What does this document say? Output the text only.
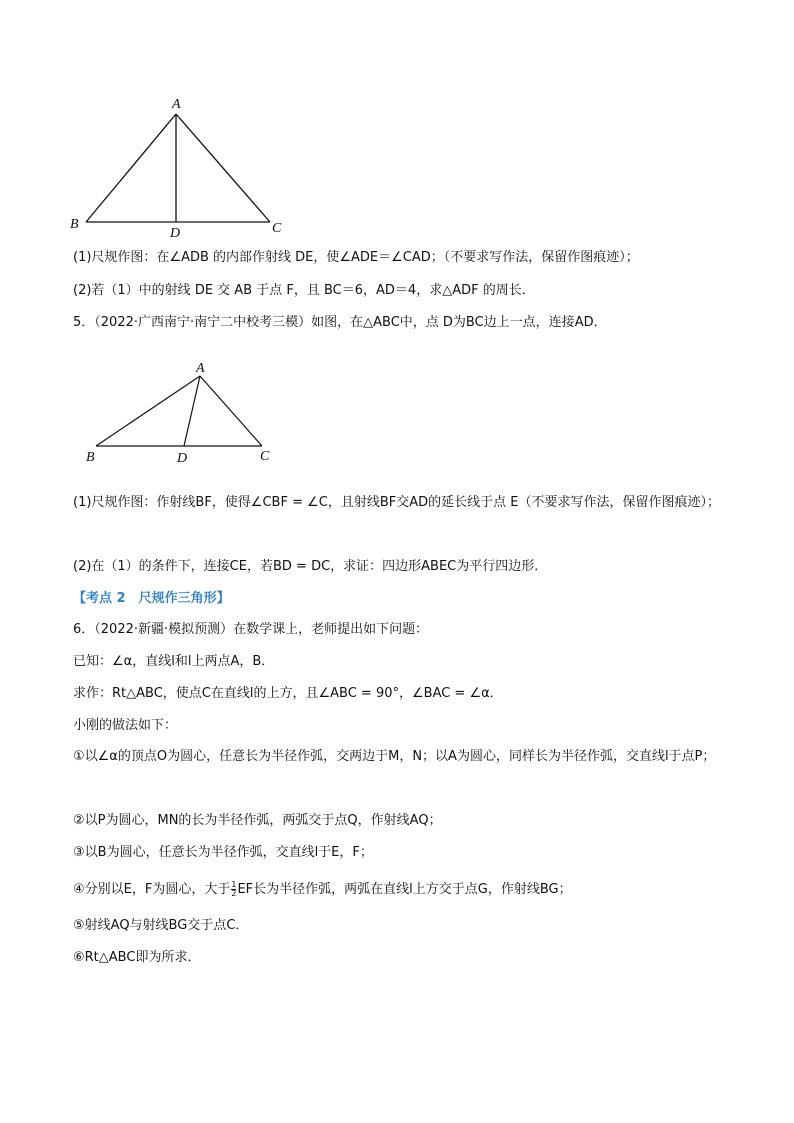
A
B	C
D
(1)尺规作图：在∠ADB 的内部作射线 DE，使∠ADE＝∠CAD；（不要求写作法，保留作图痕迹）；
(2)若（1）中的射线 DE 交 AB 于点 F，且 BC＝6，AD＝4，求△ADF 的周长．
5．（2022·广西南宁·南宁二中校考三模）如图，在△ABC中，点 D为BC边上一点，连接AD．
A
B	C
D
(1)尺规作图：作射线BF，使得∠CBF = ∠C，且射线BF交AD的延长线于点 E（不要求写作法，保留作图痕迹）；
(2)在（1）的条件下，连接CE，若BD = DC，求证：四边形ABEC为平行四边形．
【考点 2　尺规作三角形】
6．（2022·新疆·模拟预测）在数学课上，老师提出如下问题：
已知：∠α，直线l和l上两点A，B．
求作：Rt△ABC，使点C在直线l的上方，且∠ABC = 90°，∠BAC = ∠α．
小刚的做法如下：
①以∠α的顶点O为圆心，任意长为半径作弧，交两边于M，N；以A为圆心，同样长为半径作弧，交直线l于点P；
②以P为圆心，MN的长为半径作弧，两弧交于点Q，作射线AQ；
③以B为圆心，任意长为半径作弧，交直线l于E，F；
④分别以E，F为圆心，大于 $\frac{1}{2}$ EF长为半径作弧，两弧在直线l上方交于点G，作射线BG；
⑤射线AQ与射线BG交于点C．
⑥Rt△ABC即为所求．
